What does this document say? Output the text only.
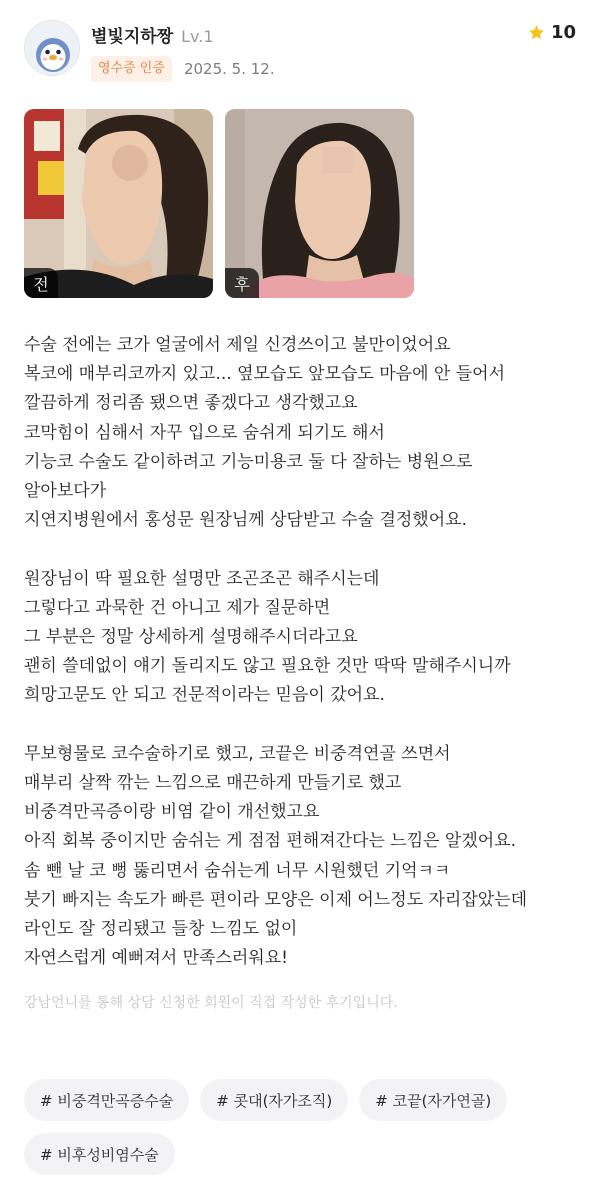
별빛지하짱 Lv.1
영수증 인증	2025. 5. 12.
10
전	후

수술 전에는 코가 얼굴에서 제일 신경쓰이고 불만이었어요

복코에 매부리코까지 있고... 옆모습도 앞모습도 마음에 안 들어서

깔끔하게 정리좀 됐으면 좋겠다고 생각했고요

코막힘이 심해서 자꾸 입으로 숨쉬게 되기도 해서

기능코 수술도 같이하려고 기능미용코 둘 다 잘하는 병원으로

알아보다가

지연지병원에서 홍성문 원장님께 상담받고 수술 결정했어요.

원장님이 딱 필요한 설명만 조곤조곤 해주시는데

그렇다고 과묵한 건 아니고 제가 질문하면

그 부분은 정말 상세하게 설명해주시더라고요

괜히 쓸데없이 얘기 돌리지도 않고 필요한 것만 딱딱 말해주시니까

희망고문도 안 되고 전문적이라는 믿음이 갔어요.

무보형물로 코수술하기로 했고, 코끝은 비중격연골 쓰면서

매부리 살짝 깎는 느낌으로 매끈하게 만들기로 했고

비중격만곡증이랑 비염 같이 개선했고요

아직 회복 중이지만 숨쉬는 게 점점 편해져간다는 느낌은 알겠어요.

솜 뺀 날 코 뻥 뚫리면서 숨쉬는게 너무 시원했던 기억ㅋㅋ

붓기 빠지는 속도가 빠른 편이라 모양은 이제 어느정도 자리잡았는데

라인도 잘 정리됐고 들창 느낌도 없이

자연스럽게 예뻐져서 만족스러워요!

강남언니를 통해 상담 신청한 회원이 직접 작성한 후기입니다.
# 비중격만곡증수술	# 콧대(자가조직)	# 코끝(자가연골)
# 비후성비염수술
